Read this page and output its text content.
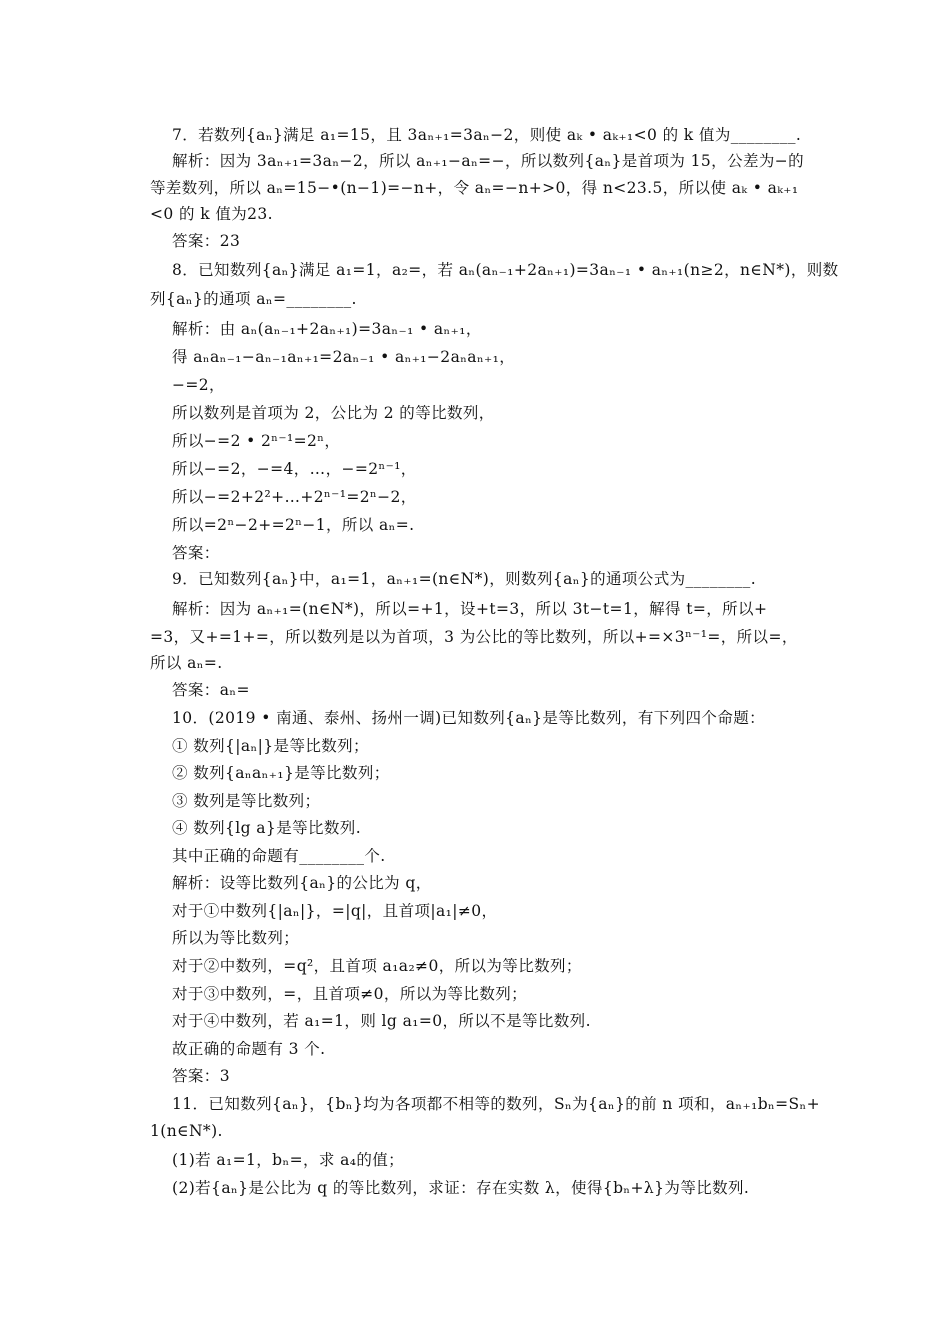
7．若数列{aₙ}满足 a₁=15，且 3aₙ₊₁=3aₙ−2，则使 aₖ • aₖ₊₁<0 的 k 值为________.
解析：因为 3aₙ₊₁=3aₙ−2，所以 aₙ₊₁−aₙ=−，所以数列{aₙ}是首项为 15，公差为−的
等差数列，所以 aₙ=15−•(n−1)=−n+，令 aₙ=−n+>0，得 n<23.5，所以使 aₖ • aₖ₊₁
<0 的 k 值为23.
答案：23
8．已知数列{aₙ}满足 a₁=1，a₂=，若 aₙ(aₙ₋₁+2aₙ₊₁)=3aₙ₋₁ • aₙ₊₁(n≥2，n∈N*)，则数
列{aₙ}的通项 aₙ=________.
解析：由 aₙ(aₙ₋₁+2aₙ₊₁)=3aₙ₋₁ • aₙ₊₁，
得 aₙaₙ₋₁−aₙ₋₁aₙ₊₁=2aₙ₋₁ • aₙ₊₁−2aₙaₙ₊₁，
−=2，
所以数列是首项为 2，公比为 2 的等比数列，
所以−=2 • 2ⁿ⁻¹=2ⁿ，
所以−=2，−=4，…，−=2ⁿ⁻¹，
所以−=2+2²+…+2ⁿ⁻¹=2ⁿ−2，
所以=2ⁿ−2+=2ⁿ−1，所以 aₙ=.
答案：
9．已知数列{aₙ}中，a₁=1，aₙ₊₁=(n∈N*)，则数列{aₙ}的通项公式为________.
解析：因为 aₙ₊₁=(n∈N*)，所以=+1，设+t=3，所以 3t−t=1，解得 t=，所以+
=3，又+=1+=，所以数列是以为首项，3 为公比的等比数列，所以+=×3ⁿ⁻¹=，所以=，
所以 aₙ=.
答案：aₙ=
10．(2019 • 南通、泰州、扬州一调)已知数列{aₙ}是等比数列，有下列四个命题：
① 数列{|aₙ|}是等比数列；
② 数列{aₙaₙ₊₁}是等比数列；
③ 数列是等比数列；
④ 数列{lg a}是等比数列.
其中正确的命题有________个.
解析：设等比数列{aₙ}的公比为 q，
对于①中数列{|aₙ|}，=|q|，且首项|a₁|≠0，
所以为等比数列；
对于②中数列，=q²，且首项 a₁a₂≠0，所以为等比数列；
对于③中数列，=，且首项≠0，所以为等比数列；
对于④中数列，若 a₁=1，则 lg a₁=0，所以不是等比数列.
故正确的命题有 3 个.
答案：3
11．已知数列{aₙ}，{bₙ}均为各项都不相等的数列，Sₙ为{aₙ}的前 n 项和，aₙ₊₁bₙ=Sₙ+
1(n∈N*).
(1)若 a₁=1，bₙ=，求 a₄的值；
(2)若{aₙ}是公比为 q 的等比数列，求证：存在实数 λ，使得{bₙ+λ}为等比数列.
